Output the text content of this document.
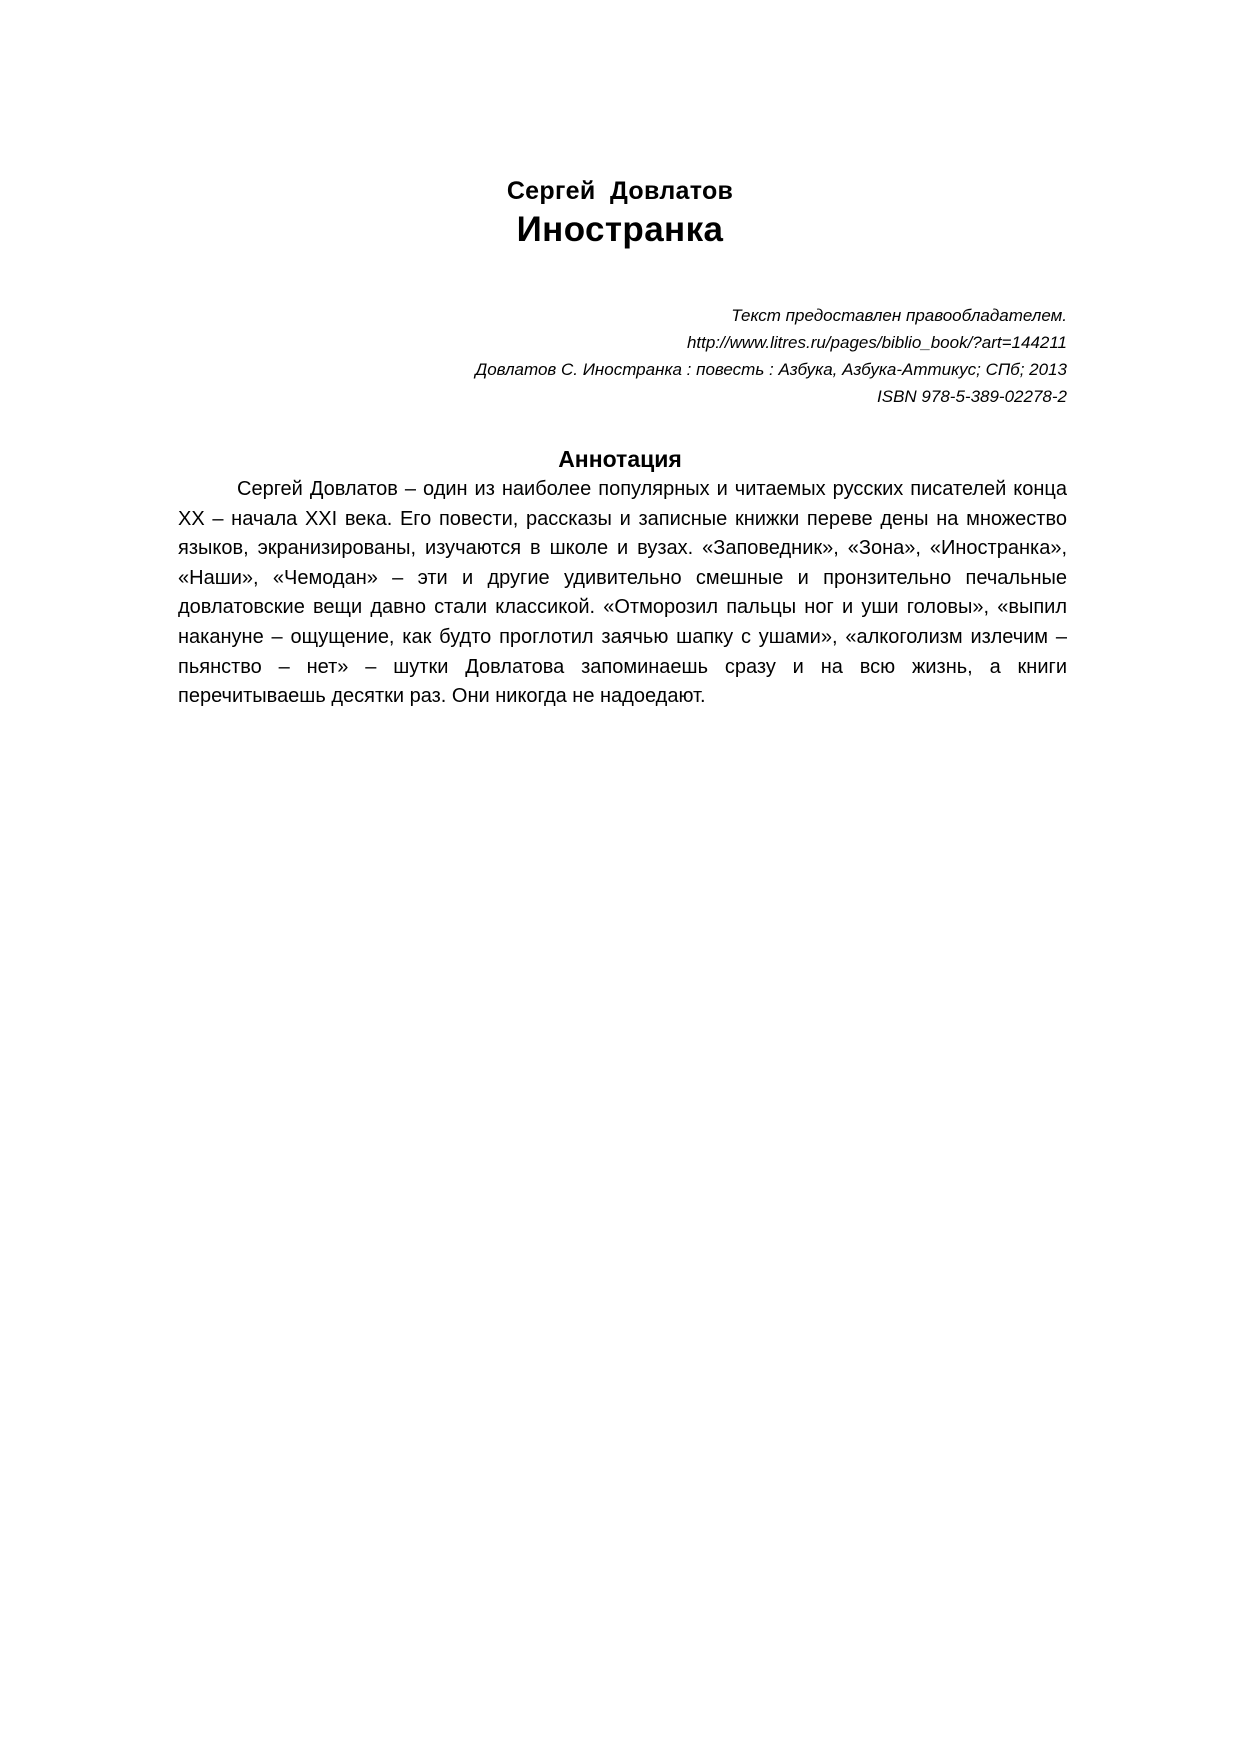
Сергей  Довлатов
Иностранка
Текст предоставлен правообладателем.
http://www.litres.ru/pages/biblio_book/?art=144211
Довлатов С. Иностранка : повесть : Азбука, Азбука-Аттикус; СПб; 2013
ISBN 978-5-389-02278-2
Аннотация

Сергей Довлатов – один из наиболее популярных и читаемых русских писателей конца XX – начала XXI века. Его повести, рассказы и записные книжки переве дены на множество языков, экранизированы, изучаются в школе и вузах. «Заповедник», «Зона», «Иностранка», «Наши», «Чемодан» – эти и другие удивительно смешные и пронзительно печальные довлатовские вещи давно стали классикой. «Отморозил пальцы ног и уши головы», «выпил накануне – ощущение, как будто проглотил заячью шапку с ушами», «алкоголизм излечим – пьянство – нет» – шутки Довлатова запоминаешь сразу и на всю жизнь, а книги перечитываешь десятки раз. Они никогда не надоедают.
